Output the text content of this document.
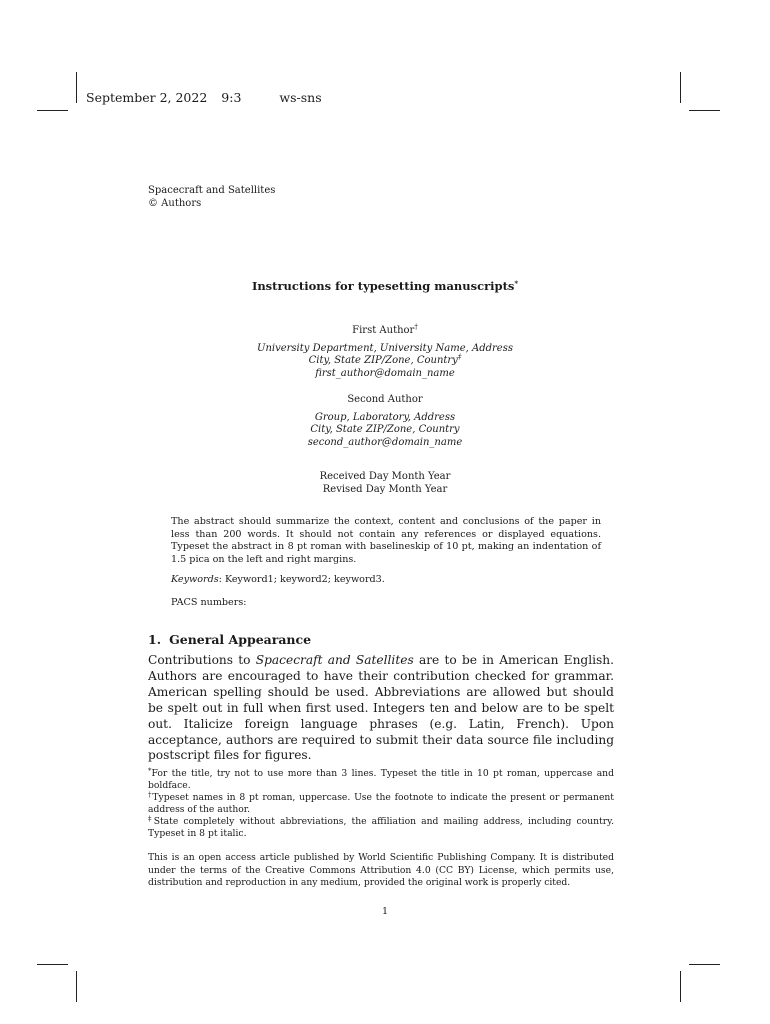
September 2, 2022 9:3	ws-sns
Spacecraft and Satellites
© Authors
Instructions for typesetting manuscripts*
First Author†
University Department, University Name, Address
City, State ZIP/Zone, Country‡
first_author@domain_name
Second Author
Group, Laboratory, Address
City, State ZIP/Zone, Country
second_author@domain_name
Received Day Month Year
Revised Day Month Year
The abstract should summarize the context, content and conclusions of the paper in less than 200 words. It should not contain any references or displayed equations. Typeset the abstract in 8 pt roman with baselineskip of 10 pt, making an indentation of 1.5 pica on the left and right margins.
Keywords: Keyword1; keyword2; keyword3.
PACS numbers:
1. General Appearance
Contributions to Spacecraft and Satellites are to be in American English. Authors are encouraged to have their contribution checked for grammar. American spelling should be used. Abbreviations are allowed but should be spelt out in full when first used. Integers ten and below are to be spelt out. Italicize foreign language phrases (e.g. Latin, French). Upon acceptance, authors are required to submit their data source file including postscript files for figures.
*For the title, try not to use more than 3 lines. Typeset the title in 10 pt roman, uppercase and boldface.
†Typeset names in 8 pt roman, uppercase. Use the footnote to indicate the present or permanent address of the author.
‡State completely without abbreviations, the affiliation and mailing address, including country. Typeset in 8 pt italic.
This is an open access article published by World Scientific Publishing Company. It is distributed under the terms of the Creative Commons Attribution 4.0 (CC BY) License, which permits use, distribution and reproduction in any medium, provided the original work is properly cited.
1
